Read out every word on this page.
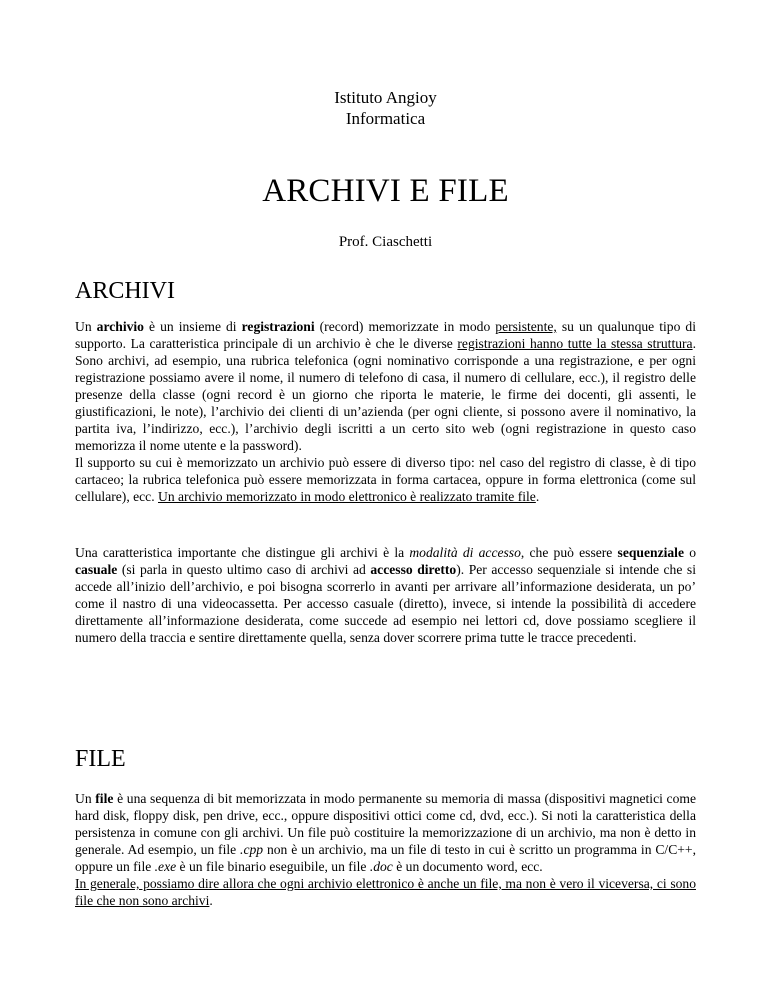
Istituto Angioy
Informatica
ARCHIVI E FILE
Prof. Ciaschetti
ARCHIVI

Un archivio è un insieme di registrazioni (record) memorizzate in modo persistente, su un qualunque tipo di supporto. La caratteristica principale di un archivio è che le diverse registrazioni hanno tutte la stessa struttura. Sono archivi, ad esempio, una rubrica telefonica (ogni nominativo corrisponde a una registrazione, e per ogni registrazione possiamo avere il nome, il numero di telefono di casa, il numero di cellulare, ecc.), il registro delle presenze della classe (ogni record è un giorno che riporta le materie, le firme dei docenti, gli assenti, le giustificazioni, le note), l’archivio dei clienti di un’azienda (per ogni cliente, si possono avere il nominativo, la partita iva, l’indirizzo, ecc.), l’archivio degli iscritti a un certo sito web (ogni registrazione in questo caso memorizza il nome utente e la password).

Il supporto su cui è memorizzato un archivio può essere di diverso tipo: nel caso del registro di classe, è di tipo cartaceo; la rubrica telefonica può essere memorizzata in forma cartacea, oppure in forma elettronica (come sul cellulare), ecc. Un archivio memorizzato in modo elettronico è realizzato tramite file.

Una caratteristica importante che distingue gli archivi è la modalità di accesso, che può essere sequenziale o casuale (si parla in questo ultimo caso di archivi ad accesso diretto). Per accesso sequenziale si intende che si accede all’inizio dell’archivio, e poi bisogna scorrerlo in avanti per arrivare all’informazione desiderata, un po’ come il nastro di una videocassetta. Per accesso casuale (diretto), invece, si intende la possibilità di accedere direttamente all’informazione desiderata, come succede ad esempio nei lettori cd, dove possiamo scegliere il numero della traccia e sentire direttamente quella, senza dover scorrere prima tutte le tracce precedenti.

FILE

Un file è una sequenza di bit memorizzata in modo permanente su memoria di massa (dispositivi magnetici come hard disk, floppy disk, pen drive, ecc., oppure dispositivi ottici come cd, dvd, ecc.). Si noti la caratteristica della persistenza in comune con gli archivi. Un file può costituire la memorizzazione di un archivio, ma non è detto in generale. Ad esempio, un file .cpp non è un archivio, ma un file di testo in cui è scritto un programma in C/C++, oppure un file .exe è un file binario eseguibile, un file .doc è un documento word, ecc.

In generale, possiamo dire allora che ogni archivio elettronico è anche un file, ma non è vero il viceversa, ci sono file che non sono archivi.
